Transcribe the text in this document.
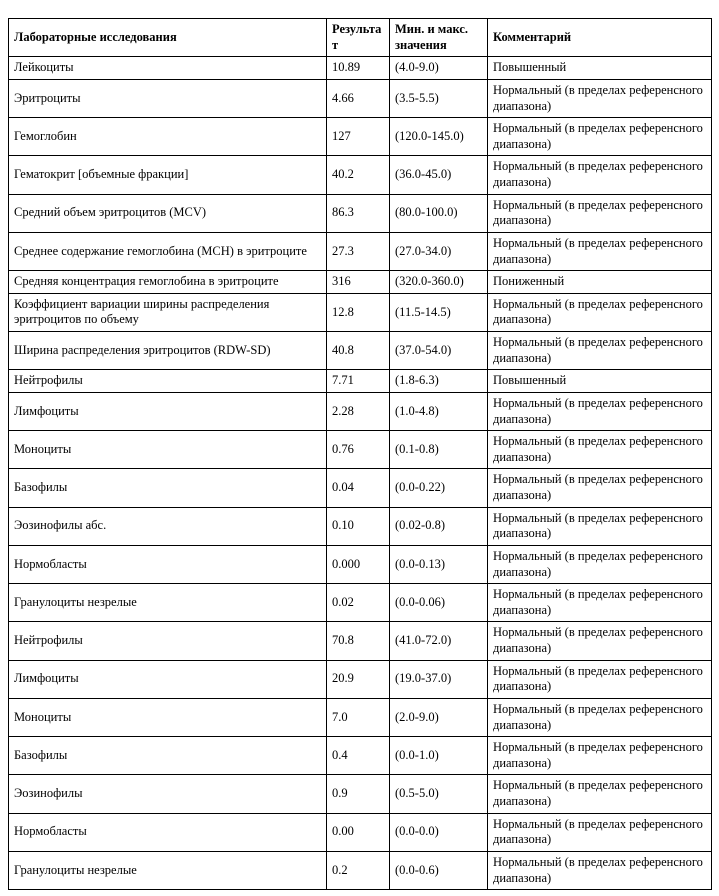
Лабораторные исследования	Результат	Мин. и макс. значения	Комментарий
Лейкоциты	10.89	(4.0-9.0)	Повышенный
Эритроциты	4.66	(3.5-5.5)	Нормальный (в пределах референсного диапазона)
Гемоглобин	127	(120.0-145.0)	Нормальный (в пределах референсного диапазона)
Гематокрит [объемные фракции]	40.2	(36.0-45.0)	Нормальный (в пределах референсного диапазона)
Средний объем эритроцитов (MCV)	86.3	(80.0-100.0)	Нормальный (в пределах референсного диапазона)
Среднее содержание гемоглобина (MCH) в эритроците	27.3	(27.0-34.0)	Нормальный (в пределах референсного диапазона)
Средняя концентрация гемоглобина в эритроците	316	(320.0-360.0)	Пониженный
Коэффициент вариации ширины распределения эритроцитов по объему	12.8	(11.5-14.5)	Нормальный (в пределах референсного диапазона)
Ширина распределения эритроцитов (RDW-SD)	40.8	(37.0-54.0)	Нормальный (в пределах референсного диапазона)
Нейтрофилы	7.71	(1.8-6.3)	Повышенный
Лимфоциты	2.28	(1.0-4.8)	Нормальный (в пределах референсного диапазона)
Моноциты	0.76	(0.1-0.8)	Нормальный (в пределах референсного диапазона)
Базофилы	0.04	(0.0-0.22)	Нормальный (в пределах референсного диапазона)
Эозинофилы абс.	0.10	(0.02-0.8)	Нормальный (в пределах референсного диапазона)
Нормобласты	0.000	(0.0-0.13)	Нормальный (в пределах референсного диапазона)
Гранулоциты незрелые	0.02	(0.0-0.06)	Нормальный (в пределах референсного диапазона)
Нейтрофилы	70.8	(41.0-72.0)	Нормальный (в пределах референсного диапазона)
Лимфоциты	20.9	(19.0-37.0)	Нормальный (в пределах референсного диапазона)
Моноциты	7.0	(2.0-9.0)	Нормальный (в пределах референсного диапазона)
Базофилы	0.4	(0.0-1.0)	Нормальный (в пределах референсного диапазона)
Эозинофилы	0.9	(0.5-5.0)	Нормальный (в пределах референсного диапазона)
Нормобласты	0.00	(0.0-0.0)	Нормальный (в пределах референсного диапазона)
Гранулоциты незрелые	0.2	(0.0-0.6)	Нормальный (в пределах референсного диапазона)
